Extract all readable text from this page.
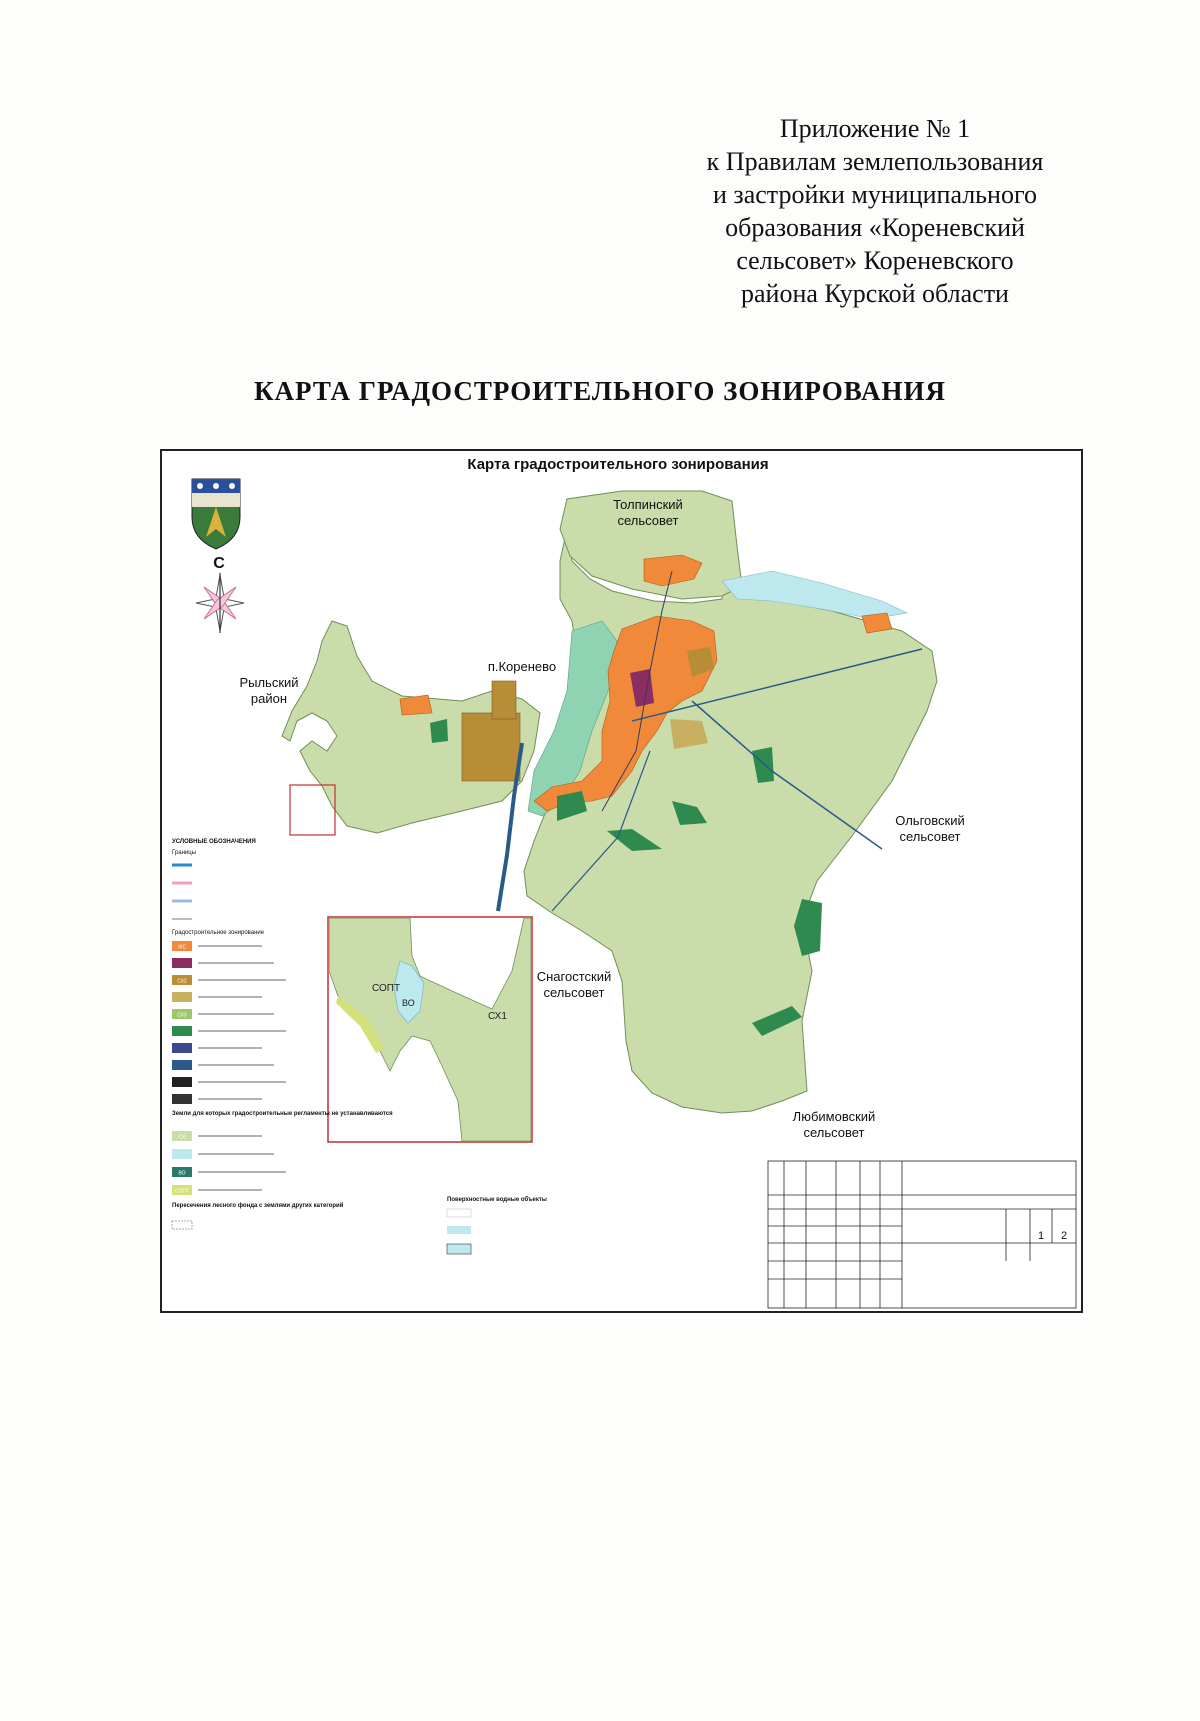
Приложение № 1
к Правилам землепользования
и застройки муниципального
образования «Кореневский
сельсовет» Кореневского
района Курской области
КАРТА ГРАДОСТРОИТЕЛЬНОГО ЗОНИРОВАНИЯ
Карта градостроительного зонирования
С
Толпинский
сельсовет
Рыльский
район
п.Коренево
Ольговский
сельсовет
Снагостский
сельсовет
Любимовский
сельсовет
СОПТ
ВО
СХ1
УСЛОВНЫЕ ОБОЗНАЧЕНИЯ
Границы
Градостроительное зонирование
ЖС
СХ2
СХ3
Земли для которых градостроительные регламенты не устанавливаются
СХ
ВО
СОПТ
Пересечения лесного фонда с землями других категорий
Поверхностные водные объекты
1 2
